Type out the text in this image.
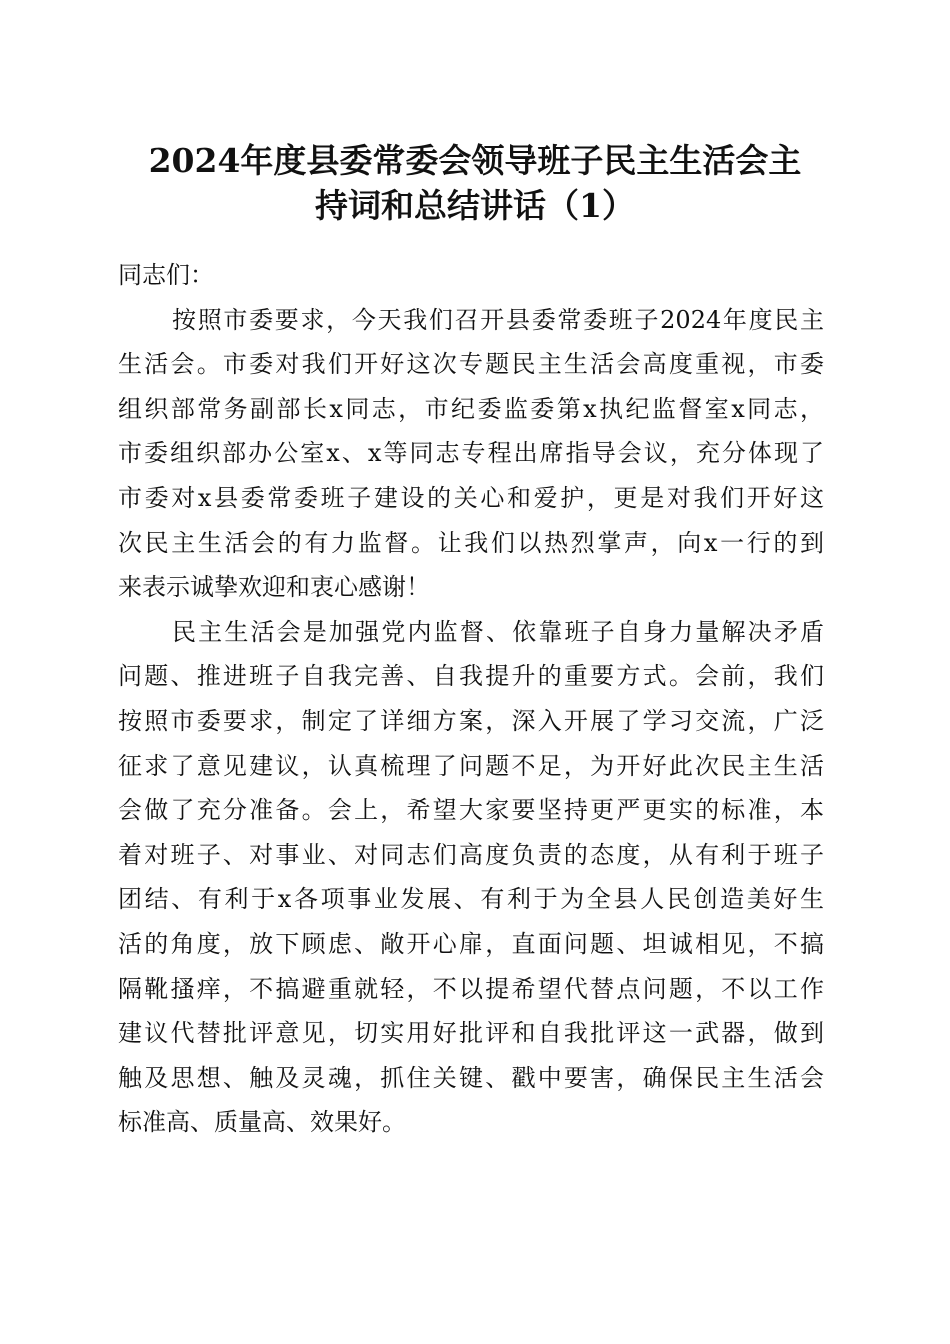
2024年度县委常委会领导班子民主生活会主
持词和总结讲话（1）
同志们：
按照市委要求，今天我们召开县委常委班子2024年度民主
生活会。市委对我们开好这次专题民主生活会高度重视，市委
组织部常务副部长x同志，市纪委监委第x执纪监督室x同志，
市委组织部办公室x、x等同志专程出席指导会议，充分体现了
市委对x县委常委班子建设的关心和爱护，更是对我们开好这
次民主生活会的有力监督。让我们以热烈掌声，向x一行的到
来表示诚挚欢迎和衷心感谢！
民主生活会是加强党内监督、依靠班子自身力量解决矛盾
问题、推进班子自我完善、自我提升的重要方式。会前，我们
按照市委要求，制定了详细方案，深入开展了学习交流，广泛
征求了意见建议，认真梳理了问题不足，为开好此次民主生活
会做了充分准备。会上，希望大家要坚持更严更实的标准，本
着对班子、对事业、对同志们高度负责的态度，从有利于班子
团结、有利于x各项事业发展、有利于为全县人民创造美好生
活的角度，放下顾虑、敞开心扉，直面问题、坦诚相见，不搞
隔靴搔痒，不搞避重就轻，不以提希望代替点问题，不以工作
建议代替批评意见，切实用好批评和自我批评这一武器，做到
触及思想、触及灵魂，抓住关键、戳中要害，确保民主生活会
标准高、质量高、效果好。
